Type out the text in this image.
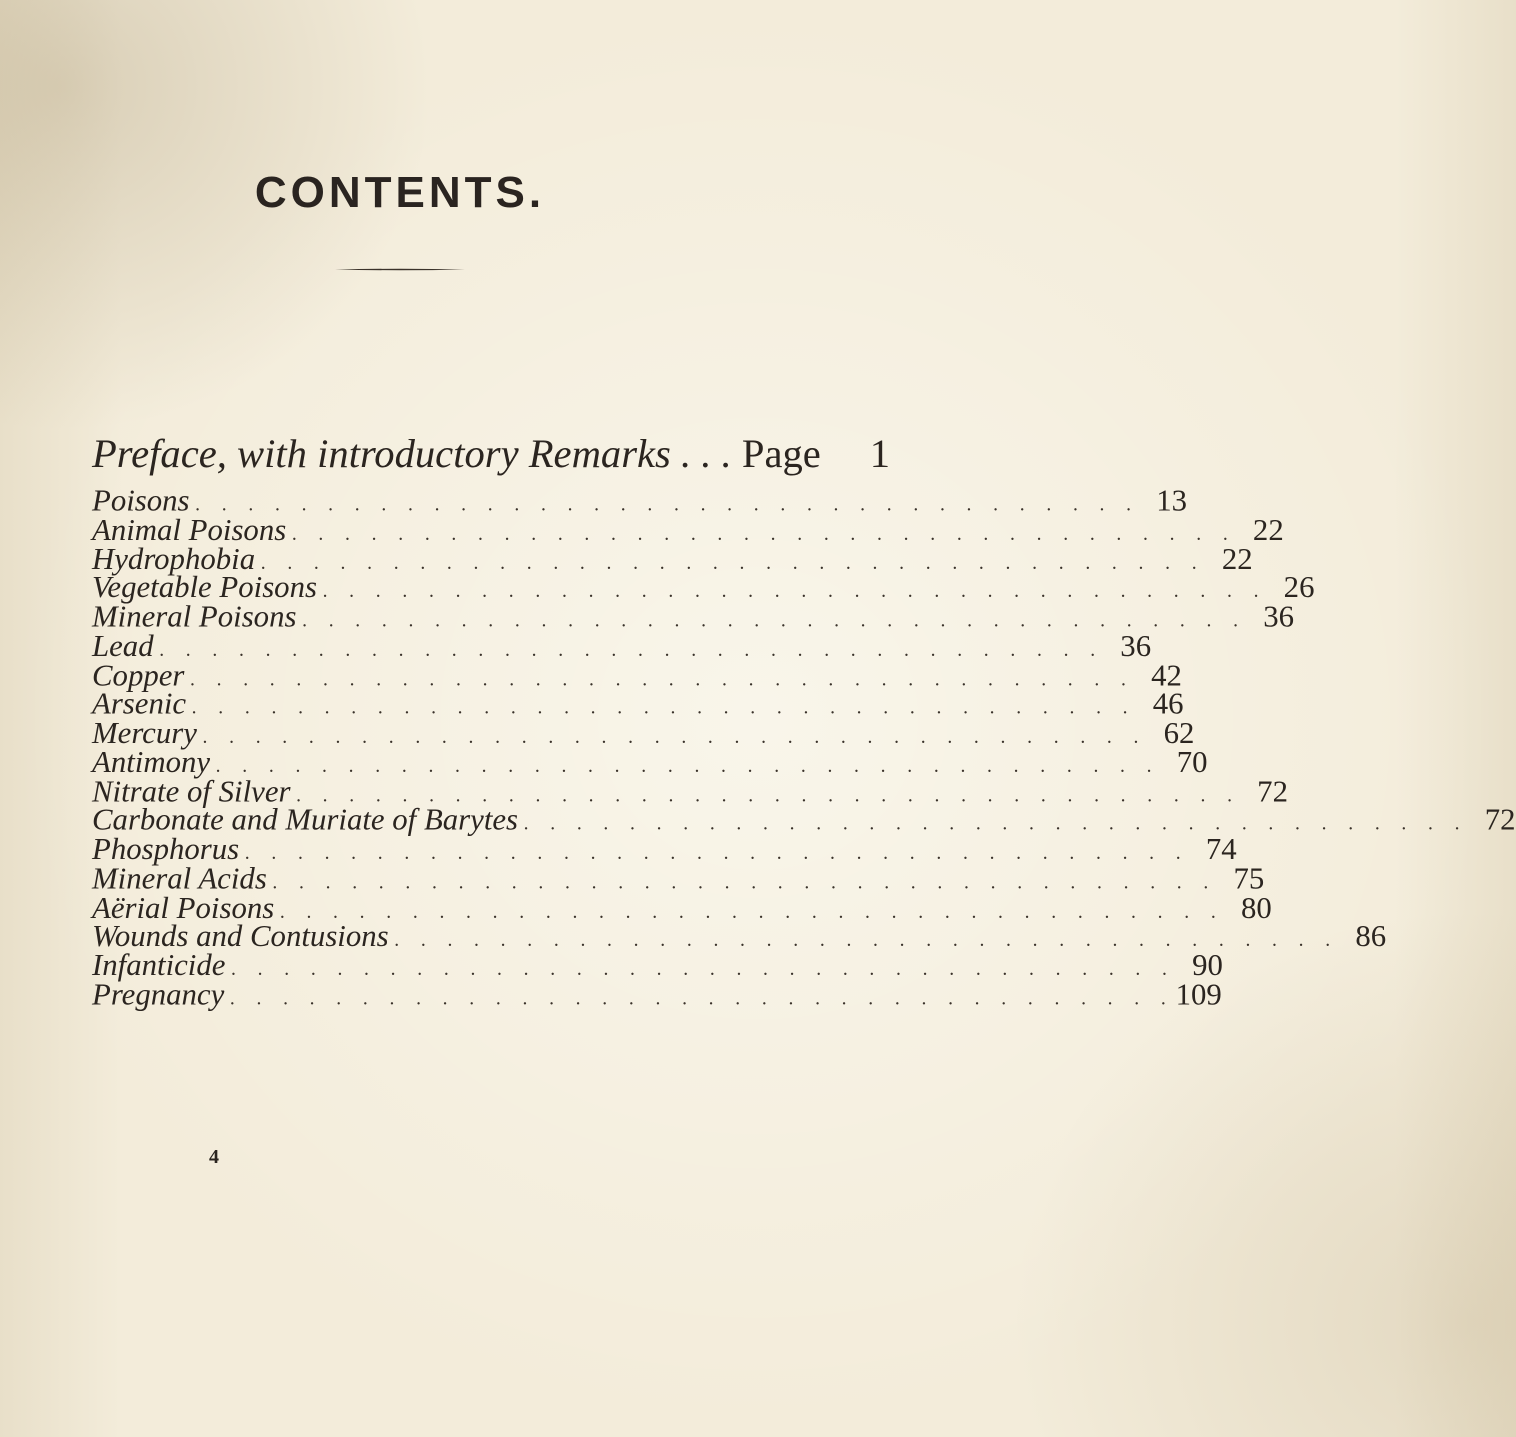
CONTENTS.
Preface, with introductory Remarks . . . Page 1
Poisons . . . . . . . . . . . . . . . . . . . . . . . . . . . . . . . . . . . . 13
Animal Poisons . . . . . . . . . . . . . . . . . . . . . . . . . . . . . . . . . . . . 22
Hydrophobia . . . . . . . . . . . . . . . . . . . . . . . . . . . . . . . . . . . . 22
Vegetable Poisons . . . . . . . . . . . . . . . . . . . . . . . . . . . . . . . . . . . . 26
Mineral Poisons . . . . . . . . . . . . . . . . . . . . . . . . . . . . . . . . . . . . 36
Lead . . . . . . . . . . . . . . . . . . . . . . . . . . . . . . . . . . . . 36
Copper . . . . . . . . . . . . . . . . . . . . . . . . . . . . . . . . . . . . 42
Arsenic . . . . . . . . . . . . . . . . . . . . . . . . . . . . . . . . . . . . 46
Mercury . . . . . . . . . . . . . . . . . . . . . . . . . . . . . . . . . . . . 62
Antimony . . . . . . . . . . . . . . . . . . . . . . . . . . . . . . . . . . . . 70
Nitrate of Silver . . . . . . . . . . . . . . . . . . . . . . . . . . . . . . . . . . . . 72
Carbonate and Muriate of Barytes . . . . . . . . . . . . . . . . . . . . . . . . . . . . . . . . . . . . 72
Phosphorus . . . . . . . . . . . . . . . . . . . . . . . . . . . . . . . . . . . . 74
Mineral Acids . . . . . . . . . . . . . . . . . . . . . . . . . . . . . . . . . . . . 75
Aërial Poisons . . . . . . . . . . . . . . . . . . . . . . . . . . . . . . . . . . . . 80
Wounds and Contusions . . . . . . . . . . . . . . . . . . . . . . . . . . . . . . . . . . . . 86
Infanticide . . . . . . . . . . . . . . . . . . . . . . . . . . . . . . . . . . . . 90
Pregnancy . . . . . . . . . . . . . . . . . . . . . . . . . . . . . . . . . . . . 109
4
